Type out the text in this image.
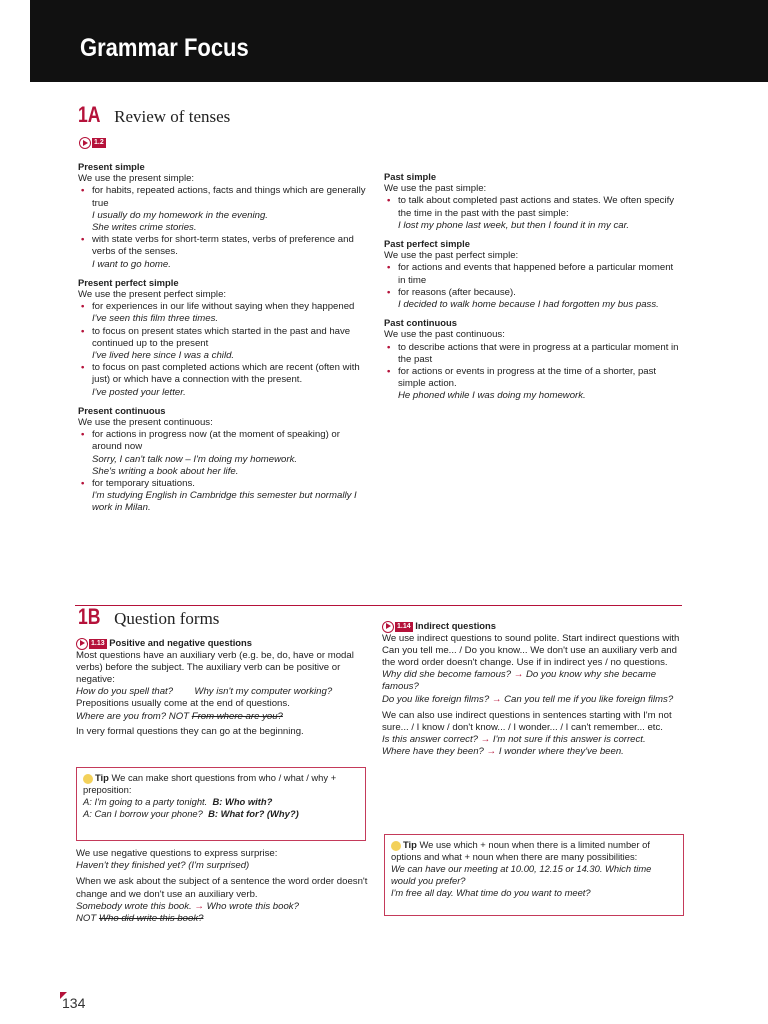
Grammar Focus
1A Review of tenses
1.2
Present simple
We use the present simple:
• for habits, repeated actions, facts and things which are generally true
I usually do my homework in the evening.
She writes crime stories.
• with state verbs for short-term states, verbs of preference and verbs of the senses.
I want to go home.
Present perfect simple
We use the present perfect simple:
• for experiences in our life without saying when they happened
I've seen this film three times.
• to focus on present states which started in the past and have continued up to the present
I've lived here since I was a child.
• to focus on past completed actions which are recent (often with just) or which have a connection with the present.
I've posted your letter.
Present continuous
We use the present continuous:
• for actions in progress now (at the moment of speaking) or around now
Sorry, I can't talk now – I'm doing my homework.
She's writing a book about her life.
• for temporary situations.
I'm studying English in Cambridge this semester but normally I work in Milan.
Past simple
We use the past simple:
• to talk about completed past actions and states. We often specify the time in the past with the past simple:
I lost my phone last week, but then I found it in my car.
Past perfect simple
We use the past perfect simple:
• for actions and events that happened before a particular moment in time
• for reasons (after because).
I decided to walk home because I had forgotten my bus pass.
Past continuous
We use the past continuous:
• to describe actions that were in progress at a particular moment in the past
• for actions or events in progress at the time of a shorter, past simple action.
He phoned while I was doing my homework.
1B Question forms
1.13 Positive and negative questions
Most questions have an auxiliary verb (e.g. be, do, have or modal verbs) before the subject. The auxiliary verb can be positive or negative:
How do you spell that? Why isn't my computer working?
Prepositions usually come at the end of questions.
Where are you from? NOT From where are you?
In very formal questions they can go at the beginning.
Tip We can make short questions from who / what / why + preposition:
A: I'm going to a party tonight. B: Who with?
A: Can I borrow your phone? B: What for? (Why?)
We use negative questions to express surprise:
Haven't they finished yet? (I'm surprised)
When we ask about the subject of a sentence the word order doesn't change and we don't use an auxiliary verb.
Somebody wrote this book. → Who wrote this book?
NOT Who did write this book?
1.14 Indirect questions
We use indirect questions to sound polite. Start indirect questions with Can you tell me... / Do you know... We don't use an auxiliary verb and the word order doesn't change. Use if in indirect yes / no questions.
Why did she become famous? → Do you know why she became famous?
Do you like foreign films? → Can you tell me if you like foreign films?
We can also use indirect questions in sentences starting with I'm not sure... / I know / don't know... / I wonder... / I can't remember... etc.
Is this answer correct? → I'm not sure if this answer is correct.
Where have they been? → I wonder where they've been.
Tip We use which + noun when there is a limited number of options and what + noun when there are many possibilities:
We can have our meeting at 10.00, 12.15 or 14.30. Which time would you prefer?
I'm free all day. What time do you want to meet?
134
